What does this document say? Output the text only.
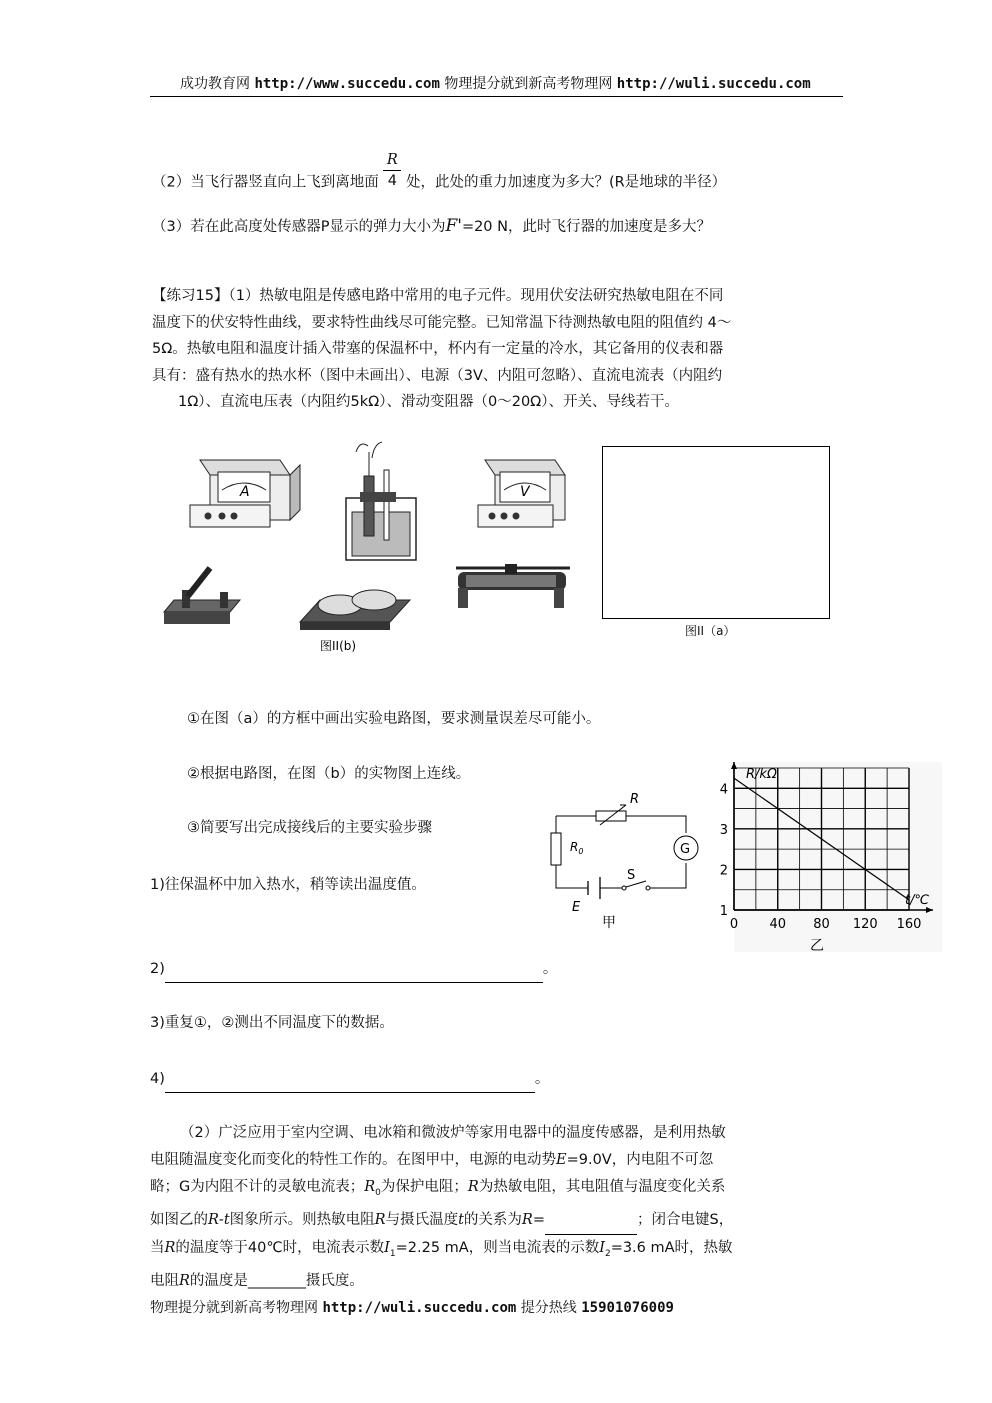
成功教育网 http://www.succedu.com 物理提分就到新高考物理网 http://wuli.succedu.com
（2）当飞行器竖直向上飞到离地面 $\frac{R}{4}$ 处，此处的重力加速度为多大？(R是地球的半径）
（3）若在此高度处传感器P显示的弹力大小为F'=20 N，此时飞行器的加速度是多大？
【练习15】（1）热敏电阻是传感电路中常用的电子元件。现用伏安法研究热敏电阻在不同
温度下的伏安特性曲线，要求特性曲线尽可能完整。已知常温下待测热敏电阻的阻值约 4～
5Ω。热敏电阻和温度计插入带塞的保温杯中，杯内有一定量的冷水，其它备用的仪表和器
具有：盛有热水的热水杯（图中未画出）、电源（3V、内阻可忽略）、直流电流表（内阻约
1Ω）、直流电压表（内阻约5kΩ）、滑动变阻器（0～20Ω）、开关、导线若干。
A	V
图II(b)
图II（a）
①在图（a）的方框中画出实验电路图，要求测量误差尽可能小。
②根据电路图，在图（b）的实物图上连线。
③简要写出完成接线后的主要实验步骤
1)往保温杯中加入热水，稍等读出温度值。
2)	。
3)重复①，②测出不同温度下的数据。
4)	。
R
$R_0$	G
E
S
甲	0 40 80 120 160
1
2
3
4
R/kΩ
t/℃
乙
（2）广泛应用于室内空调、电冰箱和微波炉等家用电器中的温度传感器，是利用热敏
电阻随温度变化而变化的特性工作的。在图甲中，电源的电动势E=9.0V，内电阻不可忽
略；G为内阻不计的灵敏电流表；$R_0$为保护电阻；R为热敏电阻，其电阻值与温度变化关系
如图乙的R-t图象所示。则热敏电阻R与摄氏温度t的关系为R=	；闭合电键S，
当R的温度等于40℃时，电流表示数$I_1=2.25$ mA，则当电流表的示数$I_2=3.6$ mA时，热敏
电阻R的温度是________摄氏度。
物理提分就到新高考物理网 http://wuli.succedu.com 提分热线 15901076009
